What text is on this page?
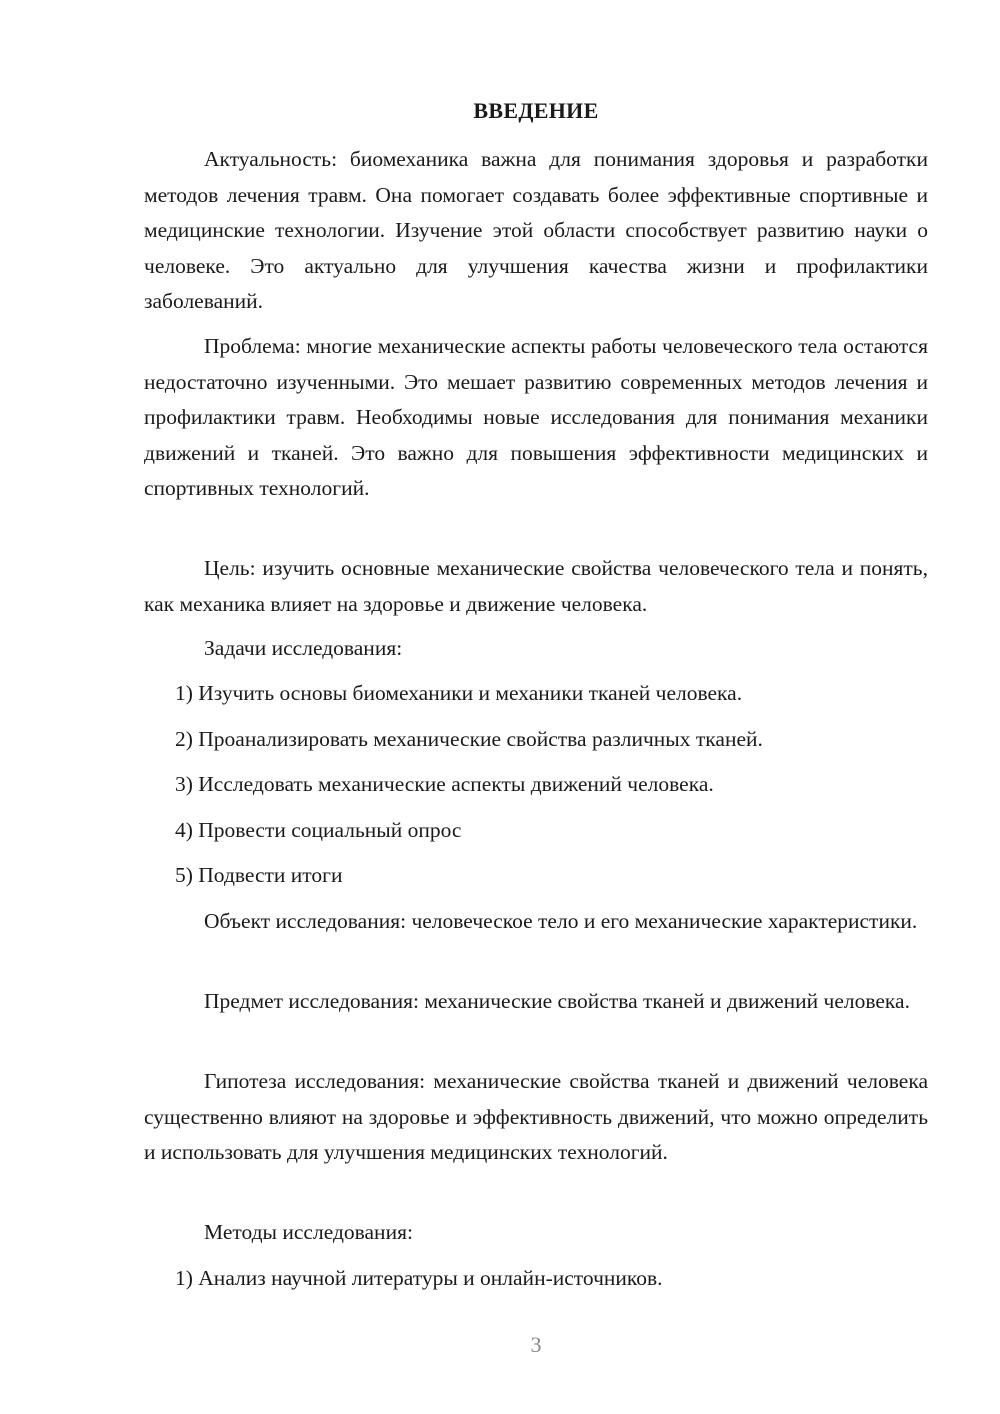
ВВЕДЕНИЕ

Актуальность: биомеханика важна для понимания здоровья и разработки методов лечения травм. Она помогает создавать более эффективные спортивные и медицинские технологии. Изучение этой области способствует развитию науки о человеке. Это актуально для улучшения качества жизни и профилактики заболеваний.

Проблема: многие механические аспекты работы человеческого тела остаются недостаточно изученными. Это мешает развитию современных методов лечения и профилактики травм. Необходимы новые исследования для понимания механики движений и тканей. Это важно для повышения эффективности медицинских и спортивных технологий.

Цель: изучить основные механические свойства человеческого тела и понять, как механика влияет на здоровье и движение человека.

Задачи исследования:

1) Изучить основы биомеханики и механики тканей человека.

2) Проанализировать механические свойства различных тканей.

3) Исследовать механические аспекты движений человека.

4) Провести социальный опрос

5) Подвести итоги

Объект исследования: человеческое тело и его механические характеристики.

Предмет исследования: механические свойства тканей и движений человека.

Гипотеза исследования: механические свойства тканей и движений человека существенно влияют на здоровье и эффективность движений, что можно определить и использовать для улучшения медицинских технологий.

Методы исследования:

1) Анализ научной литературы и онлайн-источников.

3
